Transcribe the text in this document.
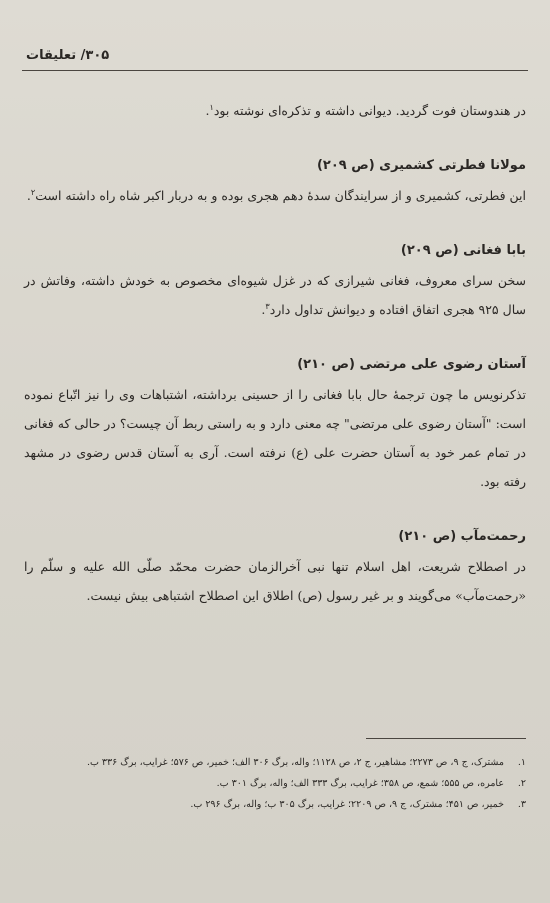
۳۰۵/ تعلیقات

در هندوستان فوت گردید. دیوانی داشته و تذکره‌ای نوشته بود$^۱$.

مولانا فطرتی کشمیری (ص ۲۰۹)

این فطرتی، کشمیری و از سرایندگان سدهٔ دهم هجری بوده و به دربار اکبر شاه راه داشته است$^۲$.

بابا فغانی (ص ۲۰۹)

سخن سرای معروف، فغانی شیرازی که در غزل شیوه‌ای مخصوص به خودش داشته، وفاتش در سال ۹۲۵ هجری اتفاق افتاده و دیوانش تداول دارد$^۳$.

آستان رضوی علی مرتضی (ص ۲۱۰)

تذکرنویس ما چون ترجمهٔ حال بابا فغانی را از حسینی برداشته، اشتباهات وی را نیز اتّباع نموده است: "آستان رضوی علی مرتضی" چه معنی دارد و به راستی ربط آن چیست؟ در حالی که فغانی در تمام عمر خود به آستان حضرت علی (ع) نرفته است. آری به آستان قدس رضوی در مشهد رفته بود.

رحمت‌مآب (ص ۲۱۰)

در اصطلاح شریعت، اهل اسلام تنها نبی آخرالزمان حضرت محمّد صلّی الله علیه و سلّم را «رحمت‌مآب» می‌گویند و بر غیر رسول (ص) اطلاق این اصطلاح اشتباهی بیش نیست.

۱.مشترک، ج ۹، ص ۲۲۷۳؛ مشاهیر، ج ۲، ص ۱۱۲۸؛ واله، برگ ۳۰۶ الف؛ خمیر، ص ۵۷۶؛ غرایب، برگ ۳۳۶ ب.

۲.عامره، ص ۵۵۵؛ شمع، ص ۳۵۸؛ غرایب، برگ ۳۳۳ الف؛ واله، برگ ۳۰۱ ب.

۳.خمیر، ص ۴۵۱؛ مشترک، ج ۹، ص ۲۲۰۹؛ غرایب، برگ ۳۰۵ ب؛ واله، برگ ۲۹۶ ب.
